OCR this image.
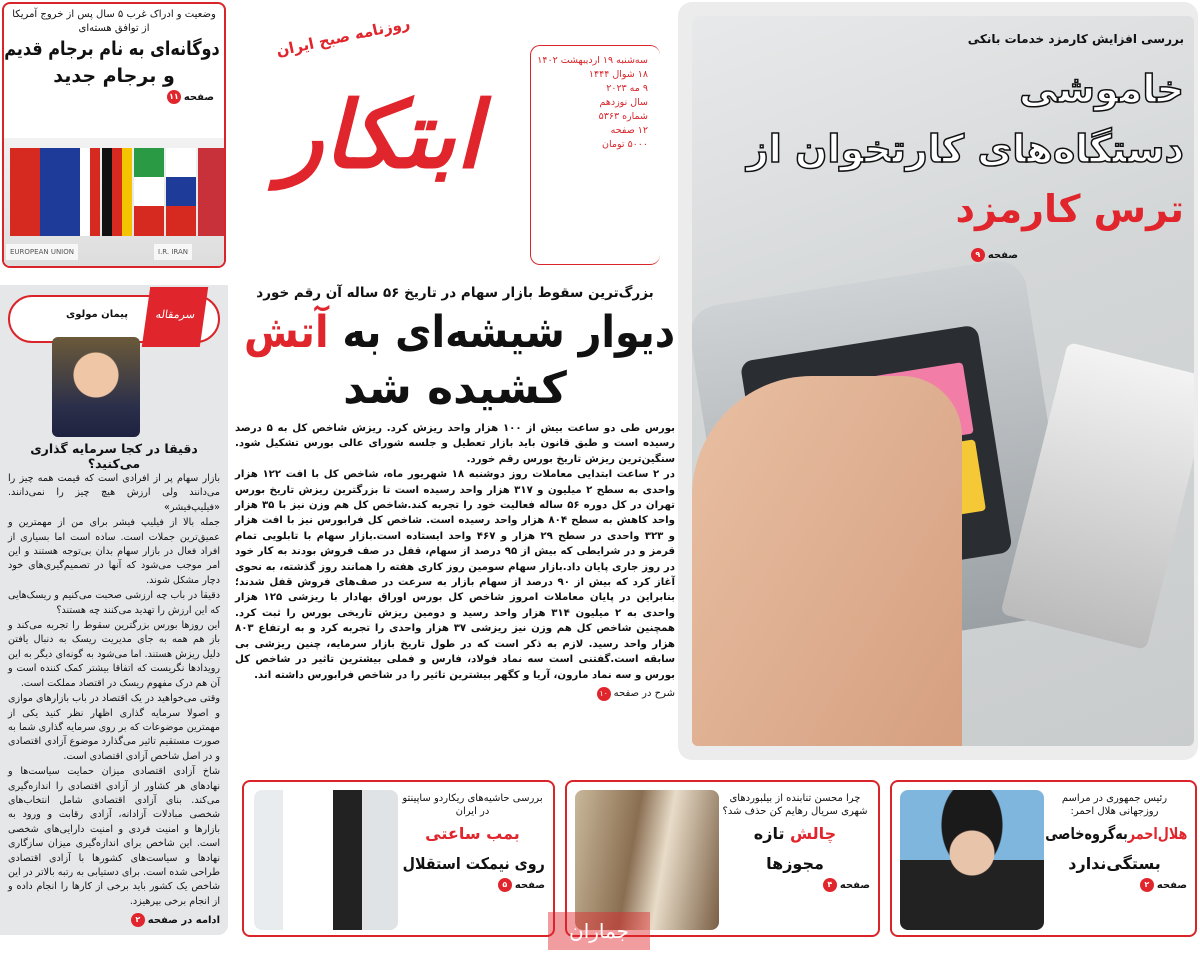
وضعیت و ادراک غرب ۵ سال پس از خروج آمریکا از توافق هسته‌ای
دوگانه‌ای به نام برجام قدیم
و برجام جدید
صفحه
۱۱
EUROPEAN UNION	I.R. IRAN
روزنامه صبح ایران
ابتکار
سه‌شنبه ۱۹ اردیبهشت ۱۴۰۲
۱۸ شوال ۱۴۴۴
۹ مه ۲۰۲۳
سال نوزدهم
شماره ۵۳۶۳
۱۲ صفحه
۵۰۰۰ تومان
بررسی افزایش کارمزد خدمات بانکی
خاموشی
دستگاه‌های کارتخوان از
ترس کارمزد
صفحه
۹
سرمقاله
پیمان مولوی
دقیقا در کجا سرمایه گذاری می‌کنید؟

بازار سهام پر از افرادی است که قیمت همه چیز را می‌دانند ولی ارزش هیچ چیز را نمی‌دانند. «فیلیپ‌فیشر»

جمله بالا از فیلیپ فیشر برای من از مهمترین و عمیق‌ترین جملات است. ساده است اما بسیاری از افراد فعال در بازار سهام بدان بی‌توجه هستند و این امر موجب می‌شود که آنها در تصمیم‌گیری‌های خود دچار مشکل شوند.

دقیقا در باب چه ارزشی صحبت می‌کنیم و ریسک‌هایی که این ارزش را تهدید می‌کنند چه هستند؟

این روزها بورس بزرگترین سقوط را تجربه می‌کند و باز هم همه به جای مدیریت ریسک به دنبال یافتن دلیل ریزش هستند. اما می‌شود به گونه‌ای دیگر به این رویدادها نگریست که اتفاقا بیشتر کمک کننده است و آن هم درک مفهوم ریسک در اقتصاد مملکت است.

وقتی می‌خواهید در یک اقتصاد در باب بازارهای موازی و اصولا سرمایه گذاری اظهار نظر کنید یکی از مهمترین موضوعات که بر روی سرمایه گذاری شما به صورت مستقیم تاثیر می‌گذارد موضوع آزادی اقتصادی و در اصل شاخص آزادی اقتصادی است.

شاخ آزادی اقتصادی میزان حمایت سیاست‌ها و نهادهای هر کشاور از آزادی اقتصادی را اندازه‌گیری می‌کند. بنای آزادی اقتصادی شامل انتخاب‌های شخصی مبادلات آزادانه، آزادی رقابت و ورود به بازارها و امنیت فردی و امنیت دارایی‌های شخصی است. این شاخص برای اندازه‌گیری میزان سازگاری نهادها و سیاست‌های کشورها با آزادی اقتصادی طراحی شده است. برای دستیابی به رتبه بالاتر در این شاخص یک کشور باید برخی از کارها را انجام داده و از انجام برخی بپرهیزد.

ادامه در صفحه
۲
بزرگ‌ترین سقوط بازار سهام در تاریخ ۵۶ ساله آن رقم خورد
دیوار شیشه‌ای به آتش
کشیده شد

بورس طی دو ساعت بیش از ۱۰۰ هزار واحد ریزش کرد. ریزش شاخص کل به ۵ درصد رسیده است و طبق قانون باید بازار تعطیل و جلسه شورای عالی بورس تشکیل شود. سنگین‌ترین ریزش تاریخ بورس رقم خورد.

در ۲ ساعت ابتدایی معاملات روز دوشنبه ۱۸ شهریور ماه، شاخص کل با افت ۱۲۲ هزار واحدی به سطح ۲ میلیون و ۳۱۷ هزار واحد رسیده است تا بزرگترین ریزش تاریخ بورس تهران در کل دوره ۵۶ ساله فعالیت خود را تجربه کند.شاخص کل هم وزن نیز با ۳۵ هزار واحد کاهش به سطح ۸۰۴ هزار واحد رسیده است. شاخص کل فرابورس نیز با افت هزار و ۳۲۳ واحدی در سطح ۲۹ هزار و ۴۶۷ واحد ایستاده است.بازار سهام با تابلویی تمام قرمز و در شرایطی که بیش از ۹۵ درصد از سهام، قفل در صف فروش بودند به کار خود در روز جاری پایان داد.بازار سهام سومین روز کاری هفته را همانند روز گذشته، به نحوی آغاز کرد که بیش از ۹۰ درصد از سهام بازار به سرعت در صف‌های فروش قفل شدند؛ بنابراین در پایان معاملات امروز شاخص کل بورس اوراق بهادار با ریزشی ۱۲۵ هزار واحدی به ۲ میلیون ۳۱۴ هزار واحد رسید و دومین ریزش تاریخی بورس را ثبت کرد. همچنین شاخص کل هم وزن نیز ریزشی ۳۷ هزار واحدی را تجربه کرد و به ارتفاع ۸۰۳ هزار واحد رسید. لازم به ذکر است که در طول تاریخ بازار سرمایه، چنین ریزشی بی سابقه است.گفتنی است سه نماد فولاد، فارس و فملی بیشترین تاثیر در شاخص کل بورس و سه نماد مارون، آریا و کگهر بیشترین تاثیر را در شاخص فرابورس داشته اند.

شرح در صفحه
۱۰
رئیس جمهوری در مراسم روزجهانی هلال احمر:
هلال‌احمربه‌گروه‌خاصی
بستگی‌ندارد
صفحه
۲
چرا محسن تنابنده از بیلبوردهای شهری سریال رهایم کن حذف شد؟
چالش تازه
مجوزها
صفحه
۴
بررسی حاشیه‌های ریکاردو ساپینتو در ایران
بمب ساعتی
روی نیمکت استقلال
صفحه
۵
جماران
